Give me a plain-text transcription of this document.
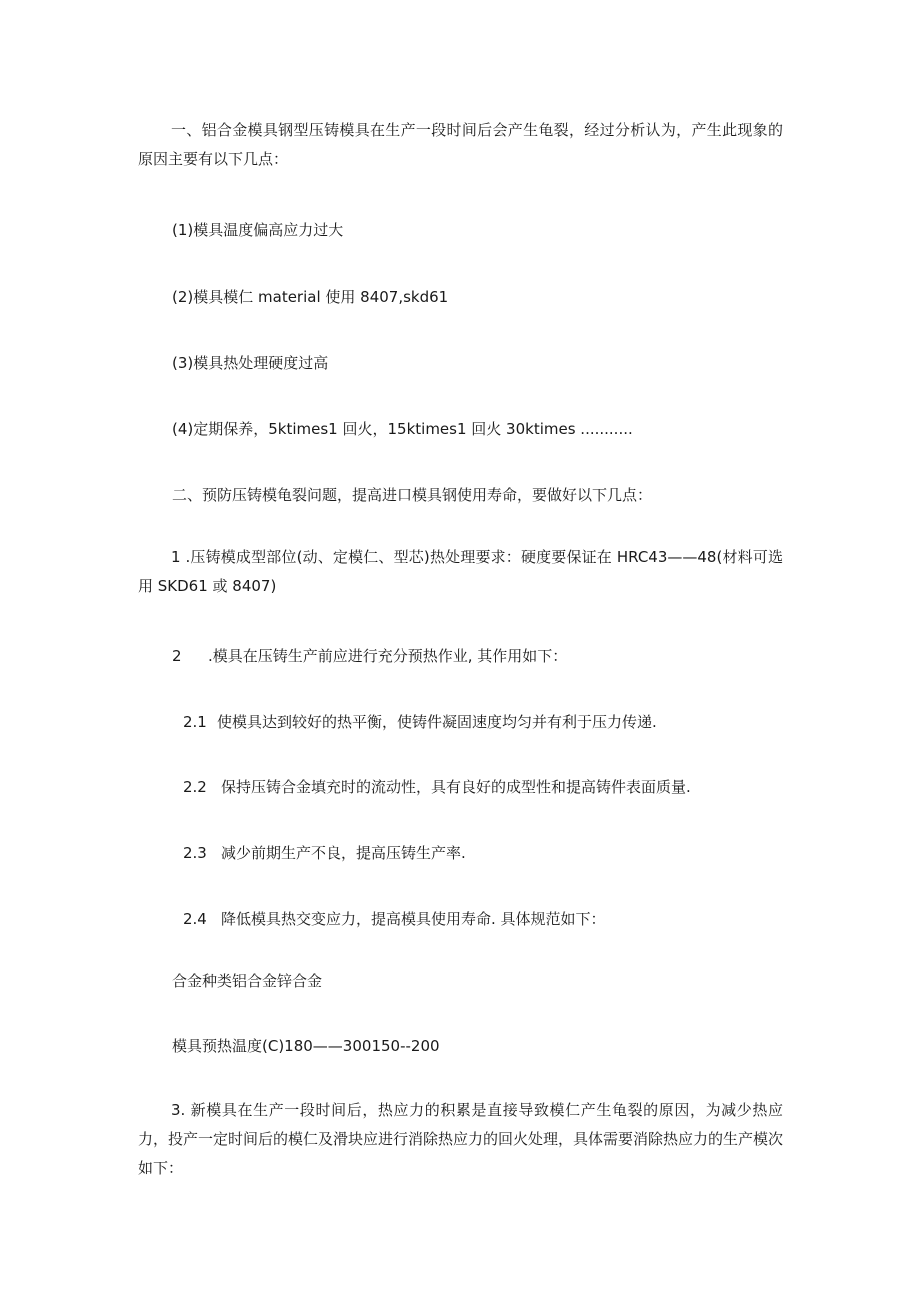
一、铝合金模具钢型压铸模具在生产一段时间后会产生龟裂，经过分析认为，产生此现象的原因主要有以下几点：
(1)模具温度偏高应力过大
(2)模具模仁 material 使用 8407,skd61
(3)模具热处理硬度过高
(4)定期保养，5ktimes1 回火，15ktimes1 回火 30ktimes ...........
二、预防压铸模龟裂问题，提高进口模具钢使用寿命，要做好以下几点：
1 .压铸模成型部位(动、定模仁、型芯)热处理要求：硬度要保证在 HRC43——48(材料可选用 SKD61 或 8407)
2 .模具在压铸生产前应进行充分预热作业, 其作用如下：
2.1 使模具达到较好的热平衡，使铸件凝固速度均匀并有利于压力传递.
2.2 保持压铸合金填充时的流动性，具有良好的成型性和提高铸件表面质量.
2.3 减少前期生产不良，提高压铸生产率.
2.4 降低模具热交变应力，提高模具使用寿命. 具体规范如下：
合金种类铝合金锌合金
模具预热温度(C)180——300150--200
3. 新模具在生产一段时间后，热应力的积累是直接导致模仁产生龟裂的原因，为减少热应力，投产一定时间后的模仁及滑块应进行消除热应力的回火处理，具体需要消除热应力的生产模次如下：
